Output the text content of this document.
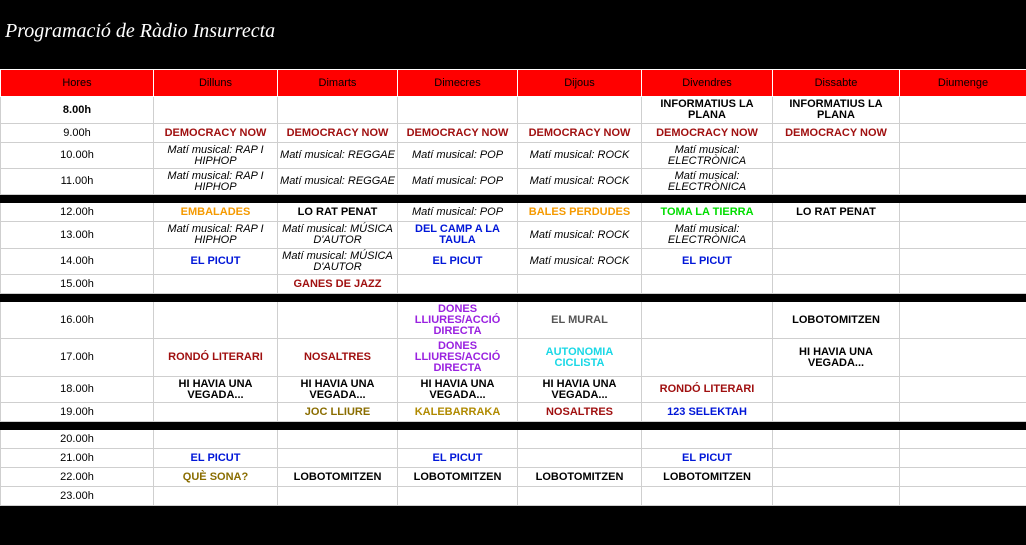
Programació de Ràdio Insurrecta
Hores	Dilluns	Dimarts	Dimecres	Dijous	Divendres	Dissabte	Diumenge
8.00h					INFORMATIUS LA PLANA	INFORMATIUS LA PLANA	
9.00h	DEMOCRACY NOW	DEMOCRACY NOW	DEMOCRACY NOW	DEMOCRACY NOW	DEMOCRACY NOW	DEMOCRACY NOW	
10.00h	Matí musical: RAP I HIPHOP	Matí musical: REGGAE	Matí musical: POP	Matí musical: ROCK	Matí musical: ELECTRÒNICA		
11.00h	Matí musical: RAP I HIPHOP	Matí musical: REGGAE	Matí musical: POP	Matí musical: ROCK	Matí musical: ELECTRÒNICA		

12.00h	EMBALADES	LO RAT PENAT	Matí musical: POP	BALES PERDUDES	TOMA LA TIERRA	LO RAT PENAT	
13.00h	Matí musical: RAP I HIPHOP	Matí musical: MÚSICA D'AUTOR	DEL CAMP A LA TAULA	Matí musical: ROCK	Matí musical: ELECTRÒNICA		
14.00h	EL PICUT	Matí musical: MÚSICA D'AUTOR	EL PICUT	Matí musical: ROCK	EL PICUT		
15.00h		GANES DE JAZZ					

16.00h			DONES LLIURES/ACCIÓ DIRECTA	EL MURAL		LOBOTOMITZEN	
17.00h	RONDÓ LITERARI	NOSALTRES	DONES LLIURES/ACCIÓ DIRECTA	AUTONOMIA CICLISTA		HI HAVIA UNA VEGADA...	
18.00h	HI HAVIA UNA VEGADA...	HI HAVIA UNA VEGADA...	HI HAVIA UNA VEGADA...	HI HAVIA UNA VEGADA...	RONDÓ LITERARI		
19.00h		JOC LLIURE	KALEBARRAKA	NOSALTRES	123 SELEKTAH		

20.00h							
21.00h	EL PICUT		EL PICUT		EL PICUT		
22.00h	QUÈ SONA?	LOBOTOMITZEN	LOBOTOMITZEN	LOBOTOMITZEN	LOBOTOMITZEN		
23.00h							
